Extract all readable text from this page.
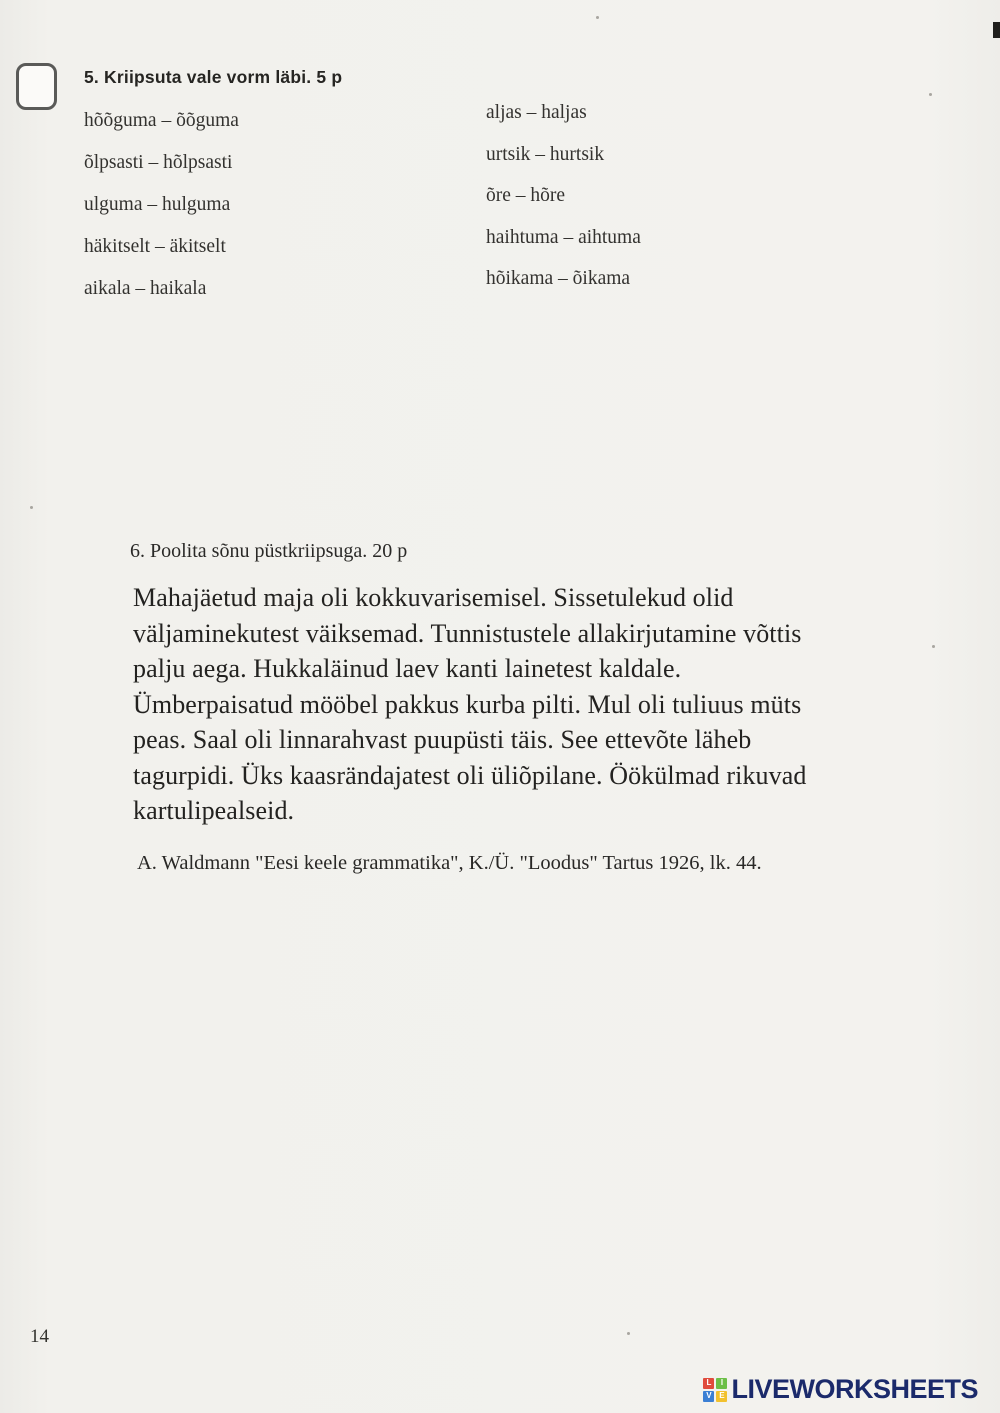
5. Kriipsuta vale vorm läbi. 5 p
hõõguma – õõguma
õlpsasti – hõlpsasti
ulguma – hulguma
häkitselt – äkitselt
aikala – haikala
aljas – haljas
urtsik – hurtsik
õre – hõre
haihtuma – aihtuma
hõikama – õikama
6. Poolita sõnu püstkriipsuga. 20 p
Mahajäetud maja oli kokkuvarisemisel. Sissetulekud olid
väljaminekutest väiksemad. Tunnistustele allakirjutamine võttis
palju aega. Hukkaläinud laev kanti lainetest kaldale.
Ümberpaisatud mööbel pakkus kurba pilti. Mul oli tuliuus müts
peas. Saal oli linnarahvast puupüsti täis. See ettevõte läheb
tagurpidi. Üks kaasrändajatest oli üliõpilane. Öökülmad rikuvad
kartulipealseid.
A. Waldmann "Eesi keele grammatika", K./Ü. "Loodus" Tartus 1926, lk. 44.
14
L	I
V E LIVEWORKSHEETS
